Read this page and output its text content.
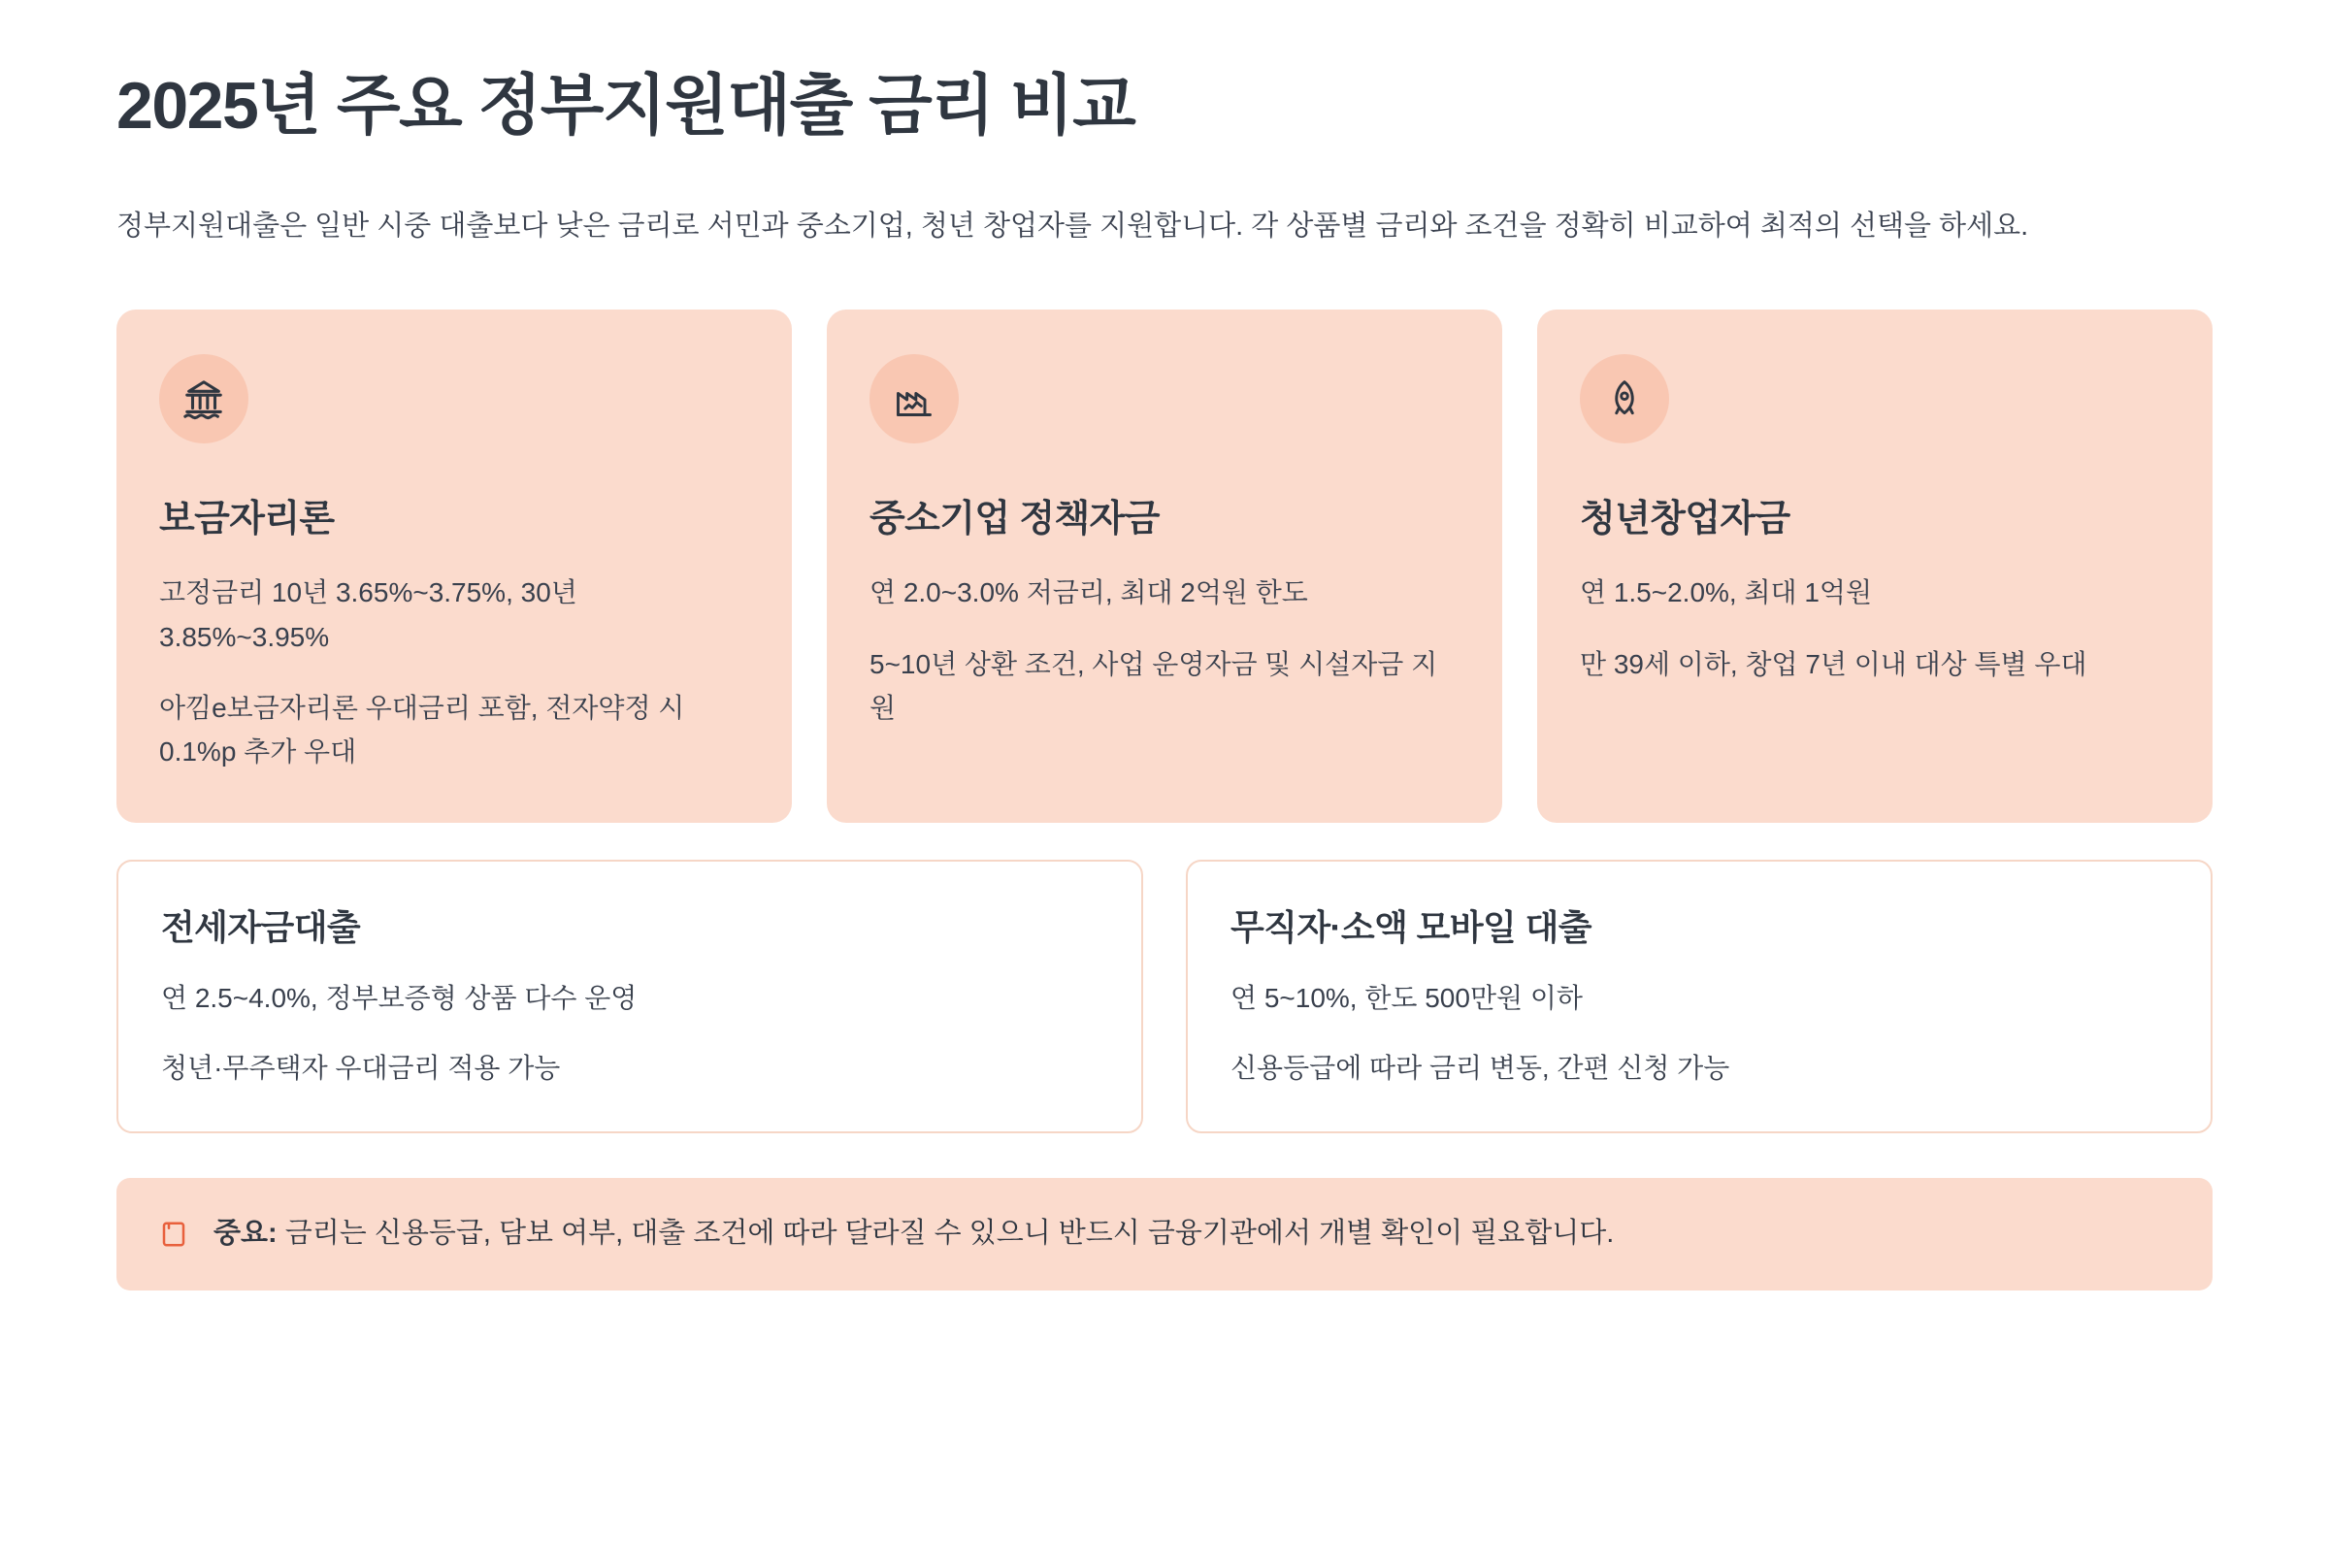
2025년 주요 정부지원대출 금리 비교

정부지원대출은 일반 시중 대출보다 낮은 금리로 서민과 중소기업, 청년 창업자를 지원합니다. 각 상품별 금리와 조건을 정확히 비교하여 최적의 선택을 하세요.

보금자리론

고정금리 10년 3.65%~3.75%, 30년 3.85%~3.95%

아낌e보금자리론 우대금리 포함, 전자약정 시 0.1%p 추가 우대

중소기업 정책자금

연 2.0~3.0% 저금리, 최대 2억원 한도

5~10년 상환 조건, 사업 운영자금 및 시설자금 지원

청년창업자금

연 1.5~2.0%, 최대 1억원

만 39세 이하, 창업 7년 이내 대상 특별 우대

전세자금대출

연 2.5~4.0%, 정부보증형 상품 다수 운영

청년·무주택자 우대금리 적용 가능

무직자·소액 모바일 대출

연 5~10%, 한도 500만원 이하

신용등급에 따라 금리 변동, 간편 신청 가능

중요: 금리는 신용등급, 담보 여부, 대출 조건에 따라 달라질 수 있으니 반드시 금융기관에서 개별 확인이 필요합니다.
